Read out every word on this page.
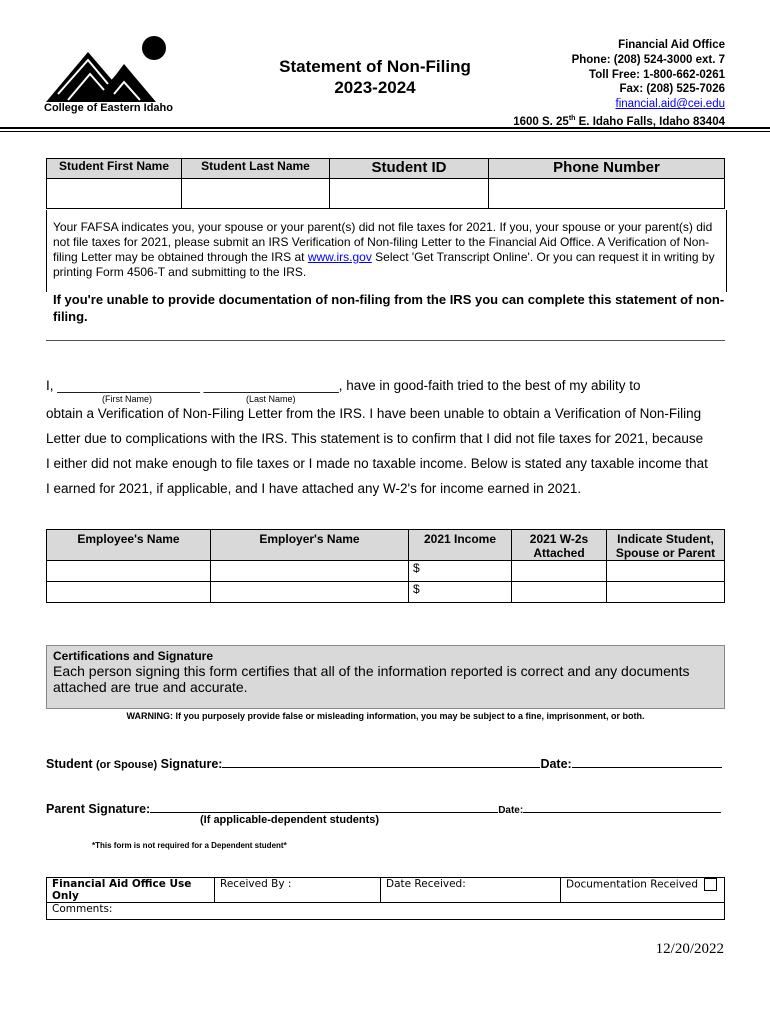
College of Eastern Idaho
Statement of Non-Filing
2023-2024
Financial Aid Office
Phone: (208) 524-3000 ext. 7
Toll Free: 1-800-662-0261
Fax: (208) 525-7026
financial.aid@cei.edu
1600 S. 25th E. Idaho Falls, Idaho 83404
Student First Name	Student Last Name	Student ID	Phone Number

Your FAFSA indicates you, your spouse or your parent(s) did not file taxes for 2021. If you, your spouse or your parent(s) did not file taxes for 2021, please submit an IRS Verification of Non-filing Letter to the Financial Aid Office. A Verification of Non-filing Letter may be obtained through the IRS at www.irs.gov Select 'Get Transcript Online'. Or you can request it in writing by printing Form 4506-T and submitting to the IRS.
If you're unable to provide documentation of non-filing from the IRS you can complete this statement of non-filing.
I, ___________________ __________________, have in good-faith tried to the best of my ability to
(First Name)	(Last Name)
obtain a Verification of Non-Filing Letter from the IRS. I have been unable to obtain a Verification of Non-Filing
Letter due to complications with the IRS. This statement is to confirm that I did not file taxes for 2021, because
I either did not make enough to file taxes or I made no taxable income. Below is stated any taxable income that
I earned for 2021, if applicable, and I have attached any W-2's for income earned in 2021.
Employee's Name	Employer's Name	2021 Income	2021 W-2s Attached	Indicate Student, Spouse or Parent
		$		
		$		
Certifications and Signature
Each person signing this form certifies that all of the information reported is correct and any documents attached are true and accurate.
WARNING: If you purposely provide false or misleading information, you may be subject to a fine, imprisonment, or both.
Student (or Spouse) Signature:	Date:
Parent Signature:	Date:
(If applicable-dependent students)
*This form is not required for a Dependent student*
Financial Aid Office Use Only	Received By :	Date Received:	Documentation Received
Comments:
12/20/2022
